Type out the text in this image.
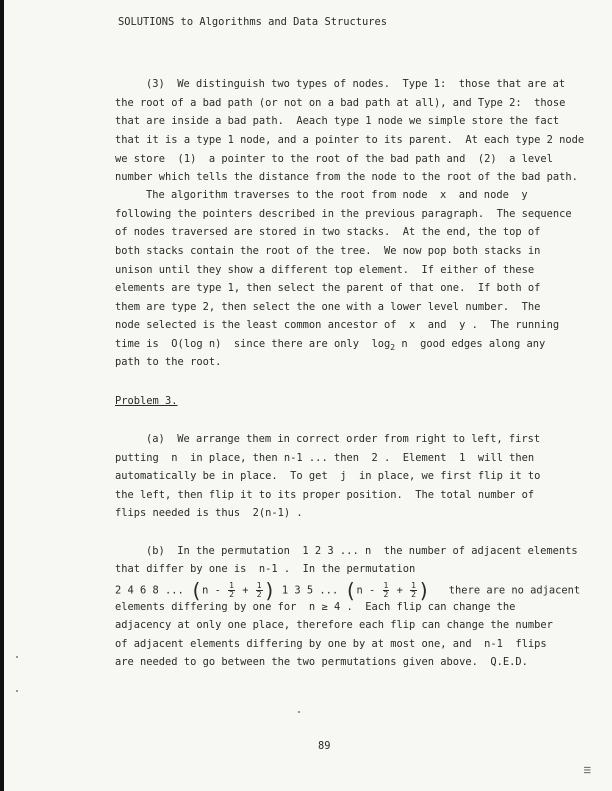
SOLUTIONS to Algorithms and Data Structures
(3)  We distinguish two types of nodes.  Type 1:  those that are at
the root of a bad path (or not on a bad path at all), and Type 2:  those
that are inside a bad path.  Aeach type 1 node we simple store the fact
that it is a type 1 node, and a pointer to its parent.  At each type 2 node
we store  (1)  a pointer to the root of the bad path and  (2)  a level
number which tells the distance from the node to the root of the bad path.
The algorithm traverses to the root from node  x  and node  y
following the pointers described in the previous paragraph.  The sequence
of nodes traversed are stored in two stacks.  At the end, the top of
both stacks contain the root of the tree.  We now pop both stacks in
unison until they show a different top element.  If either of these
elements are type 1, then select the parent of that one.  If both of
them are type 2, then select the one with a lower level number.  The
node selected is the least common ancestor of  x  and  y .  The running
time is  O(log n)  since there are only  $\log_2 n$  good edges along any
path to the root.
Problem 3.
(a)  We arrange them in correct order from right to left, first
putting  n  in place, then n-1 ... then  2 .  Element  1  will then
automatically be in place.  To get  j  in place, we first flip it to
the left, then flip it to its proper position.  The total number of
flips needed is thus  2(n-1) .
(b)  In the permutation  1 2 3 ... n  the number of adjacent elements
that differ by one is  n-1 .  In the permutation
2 4 6 8 ... ($n - \frac{1}{2} + \frac{1}{2}$ ) 1 3 5 ... ($n - \frac{1}{2} + \frac{1}{2}$ )   there are no adjacent
elements differing by one for  n ≥ 4 .  Each flip can change the
adjacency at only one place, therefore each flip can change the number
of adjacent elements differing by one by at most one, and  n-1  flips
are needed to go between the two permutations given above.  Q.E.D.
89
ⅠⅠⅠ
